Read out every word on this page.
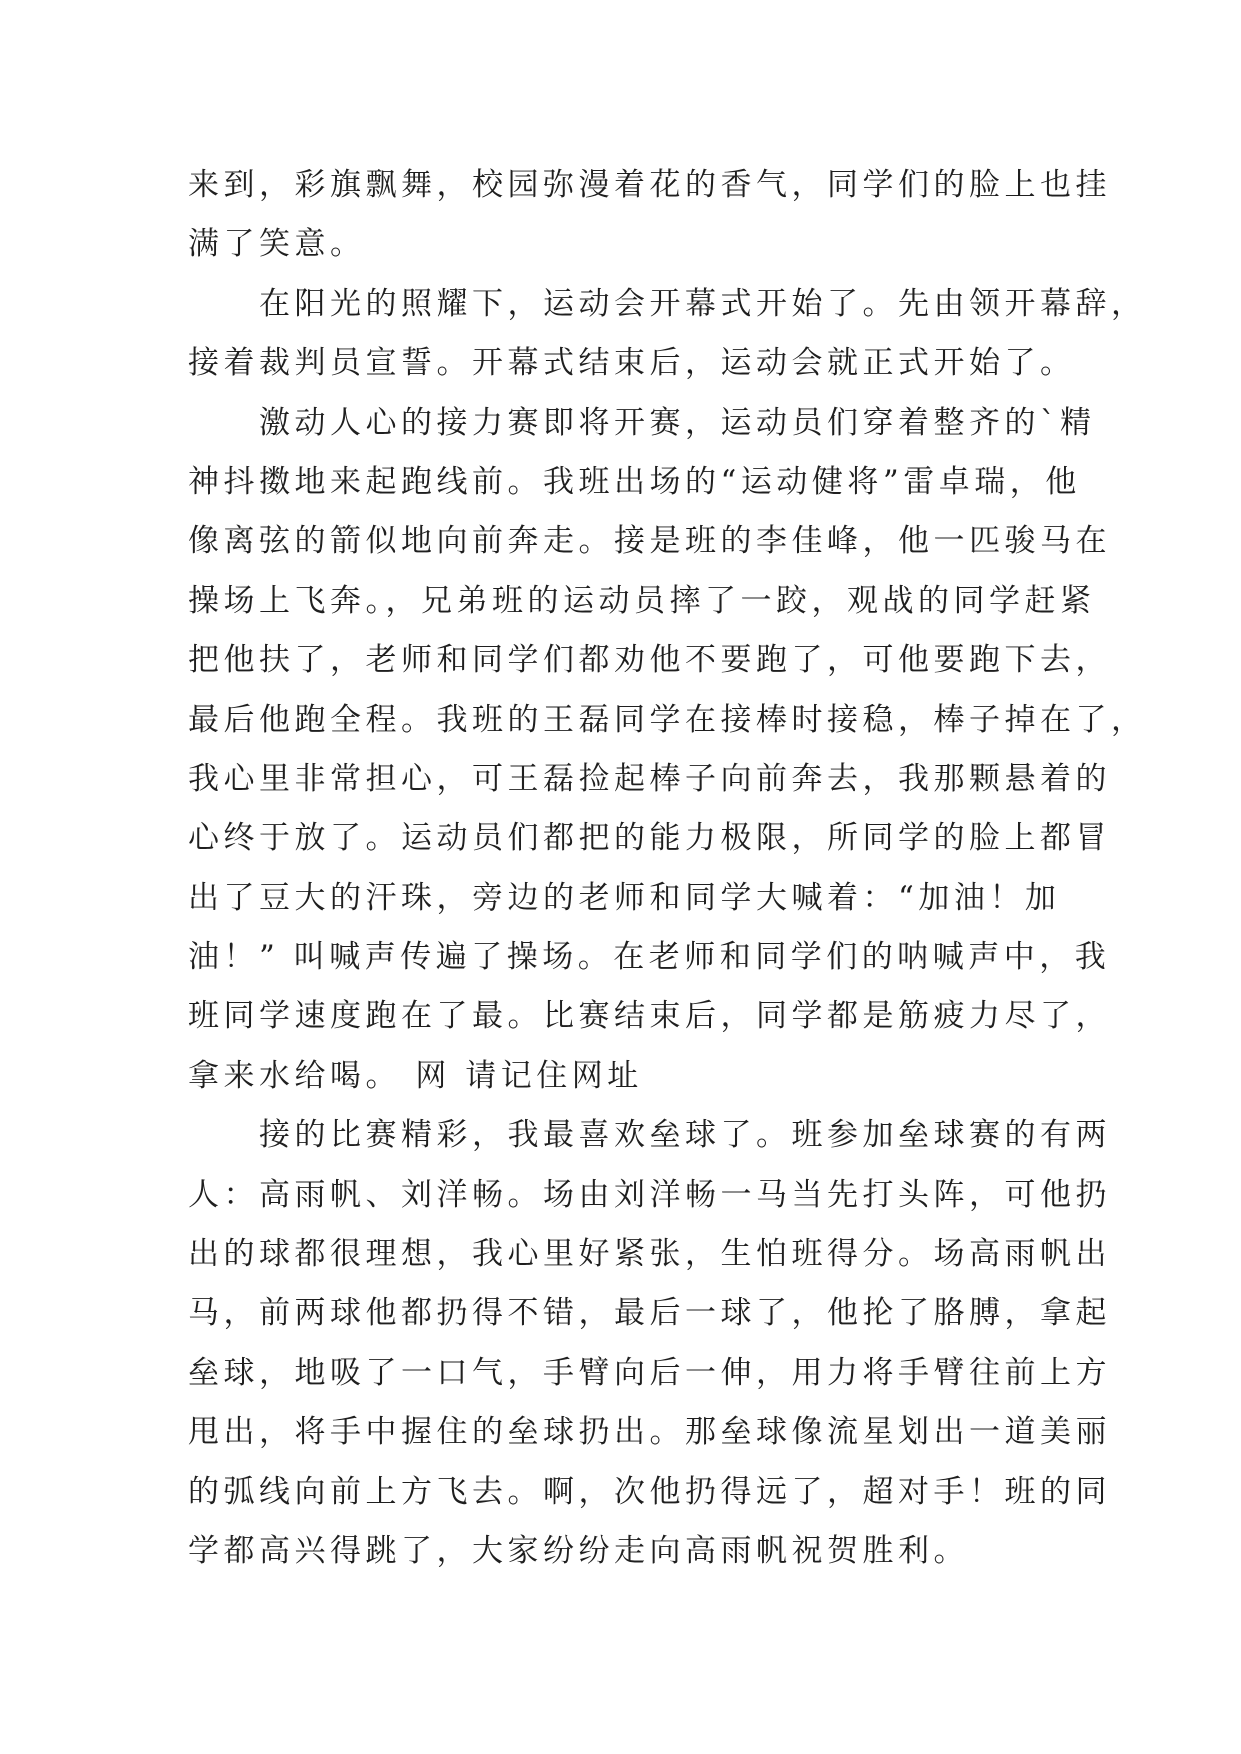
来到，彩旗飘舞，校园弥漫着花的香气，同学们的脸上也挂
满了笑意。
　　在阳光的照耀下，运动会开幕式开始了。先由领开幕辞，
接着裁判员宣誓。开幕式结束后，运动会就正式开始了。
　　激动人心的接力赛即将开赛，运动员们穿着整齐的`精
神抖擞地来起跑线前。我班出场的“运动健将”雷卓瑞，他
像离弦的箭似地向前奔走。接是班的李佳峰，他一匹骏马在
操场上飞奔。，兄弟班的运动员摔了一跤，观战的同学赶紧
把他扶了，老师和同学们都劝他不要跑了，可他要跑下去，
最后他跑全程。我班的王磊同学在接棒时接稳，棒子掉在了，
我心里非常担心，可王磊捡起棒子向前奔去，我那颗悬着的
心终于放了。运动员们都把的能力极限，所同学的脸上都冒
出了豆大的汗珠，旁边的老师和同学大喊着：“加油！加
油！” 叫喊声传遍了操场。在老师和同学们的呐喊声中，我
班同学速度跑在了最。比赛结束后，同学都是筋疲力尽了，
拿来水给喝。 网 请记住网址
　　接的比赛精彩，我最喜欢垒球了。班参加垒球赛的有两
人：高雨帆、刘洋畅。场由刘洋畅一马当先打头阵，可他扔
出的球都很理想，我心里好紧张，生怕班得分。场高雨帆出
马，前两球他都扔得不错，最后一球了，他抡了胳膊，拿起
垒球，地吸了一口气，手臂向后一伸，用力将手臂往前上方
甩出，将手中握住的垒球扔出。那垒球像流星划出一道美丽
的弧线向前上方飞去。啊，次他扔得远了，超对手！班的同
学都高兴得跳了，大家纷纷走向高雨帆祝贺胜利。
